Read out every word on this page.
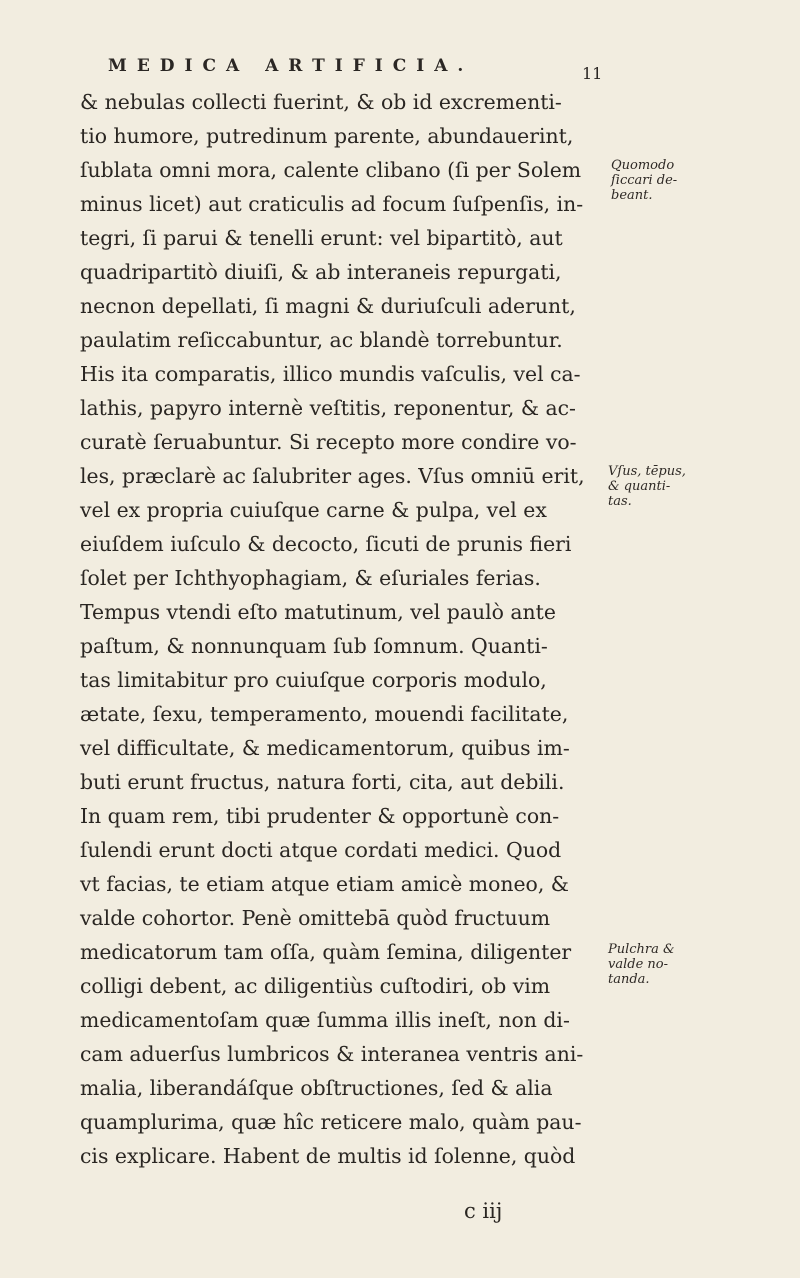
MEDICA ARTIFICIA.	11
& nebulas collecti fuerint, & ob id excrementi-
tio humore, putredinum parente, abundauerint,
ſublata omni mora, calente clibano (ſi per Solem
minus licet) aut craticulis ad focum ſuſpenſis, in-
tegri, ſi parui & tenelli erunt: vel bipartitò, aut
quadripartitò diuiſi, & ab interaneis repurgati,
necnon depellati, ſi magni & duriuſculi aderunt,
paulatim reſiccabuntur, ac blandè torrebuntur.
His ita comparatis, illico mundis vaſculis, vel ca-
lathis, papyro internè veſtitis, reponentur, & ac-
curatè ſeruabuntur. Si recepto more condire vo-
les, præclarè ac ſalubriter ages. Vſus omniū erit,
vel ex propria cuiuſque carne & pulpa, vel ex
eiuſdem iuſculo & decocto, ſicuti de prunis fieri
ſolet per Ichthyophagiam, & eſuriales ferias.
Tempus vtendi eſto matutinum, vel paulò ante
paſtum, & nonnunquam ſub ſomnum. Quanti-
tas limitabitur pro cuiuſque corporis modulo,
ætate, ſexu, temperamento, mouendi facilitate,
vel difficultate, & medicamentorum, quibus im-
buti erunt fructus, natura forti, cita, aut debili.
In quam rem, tibi prudenter & opportunè con-
ſulendi erunt docti atque cordati medici. Quod
vt facias, te etiam atque etiam amicè moneo, &
valde cohortor. Penè omittebā quòd fructuum
medicatorum tam oſſa, quàm ſemina, diligenter
colligi debent, ac diligentiùs cuſtodiri, ob vim
medicamentoſam quæ ſumma illis ineſt, non di-
cam aduerſus lumbricos & interanea ventris ani-
malia, liberandáſque obſtructiones, ſed & alia
quamplurima, quæ hîc reticere malo, quàm pau-
cis explicare. Habent de multis id ſolenne, quòd
c iij
Quomodo
ſiccari de-
beant.
Vſus, tēpus,
& quanti-
tas.
Pulchra &
valde no-
tanda.
